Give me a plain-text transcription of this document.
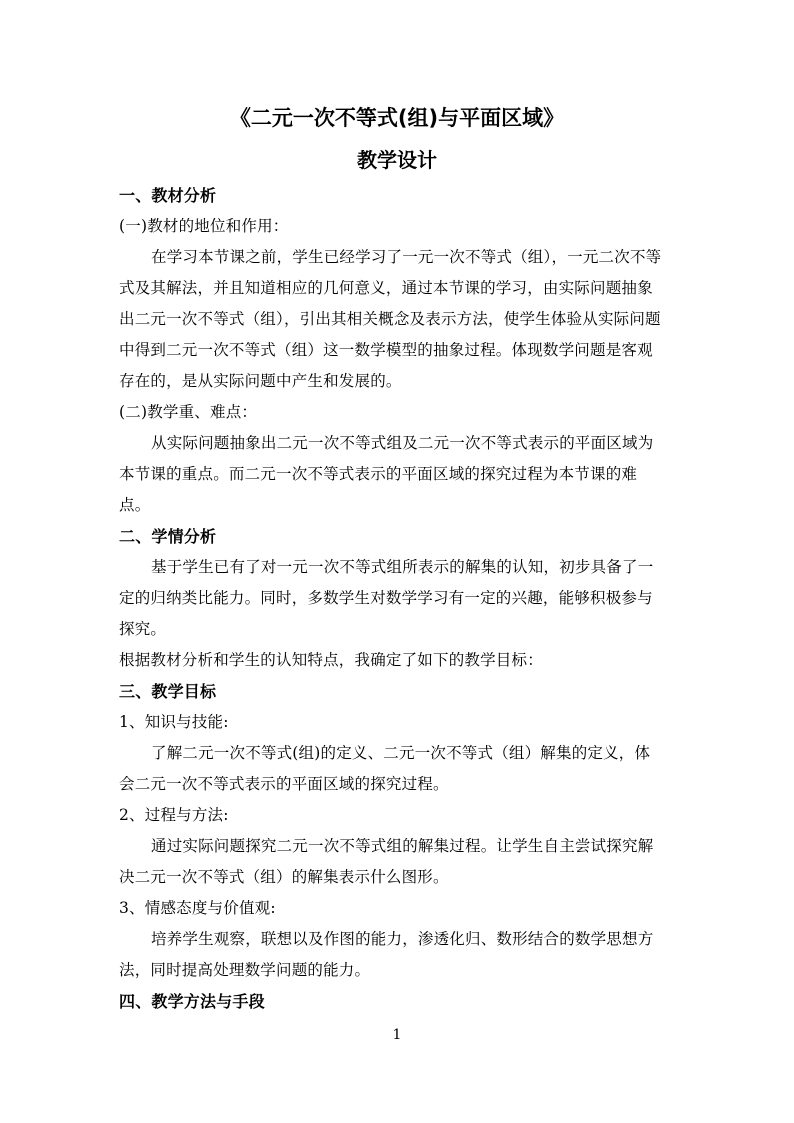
《二元一次不等式(组)与平面区域》
教学设计
一、教材分析
(一)教材的地位和作用：
在学习本节课之前，学生已经学习了一元一次不等式（组），一元二次不等
式及其解法，并且知道相应的几何意义，通过本节课的学习，由实际问题抽象
出二元一次不等式（组），引出其相关概念及表示方法，使学生体验从实际问题
中得到二元一次不等式（组）这一数学模型的抽象过程。体现数学问题是客观
存在的，是从实际问题中产生和发展的。
(二)教学重、难点：
从实际问题抽象出二元一次不等式组及二元一次不等式表示的平面区域为
本节课的重点。而二元一次不等式表示的平面区域的探究过程为本节课的难
点。
二、学情分析
基于学生已有了对一元一次不等式组所表示的解集的认知，初步具备了一
定的归纳类比能力。同时，多数学生对数学学习有一定的兴趣，能够积极参与
探究。
根据教材分析和学生的认知特点，我确定了如下的教学目标：
三、教学目标
1、知识与技能:
了解二元一次不等式(组)的定义、二元一次不等式（组）解集的定义，体
会二元一次不等式表示的平面区域的探究过程。
2、过程与方法:
通过实际问题探究二元一次不等式组的解集过程。让学生自主尝试探究解
决二元一次不等式（组）的解集表示什么图形。
3、情感态度与价值观:
培养学生观察，联想以及作图的能力，渗透化归、数形结合的数学思想方
法，同时提高处理数学问题的能力。
四、教学方法与手段
1
